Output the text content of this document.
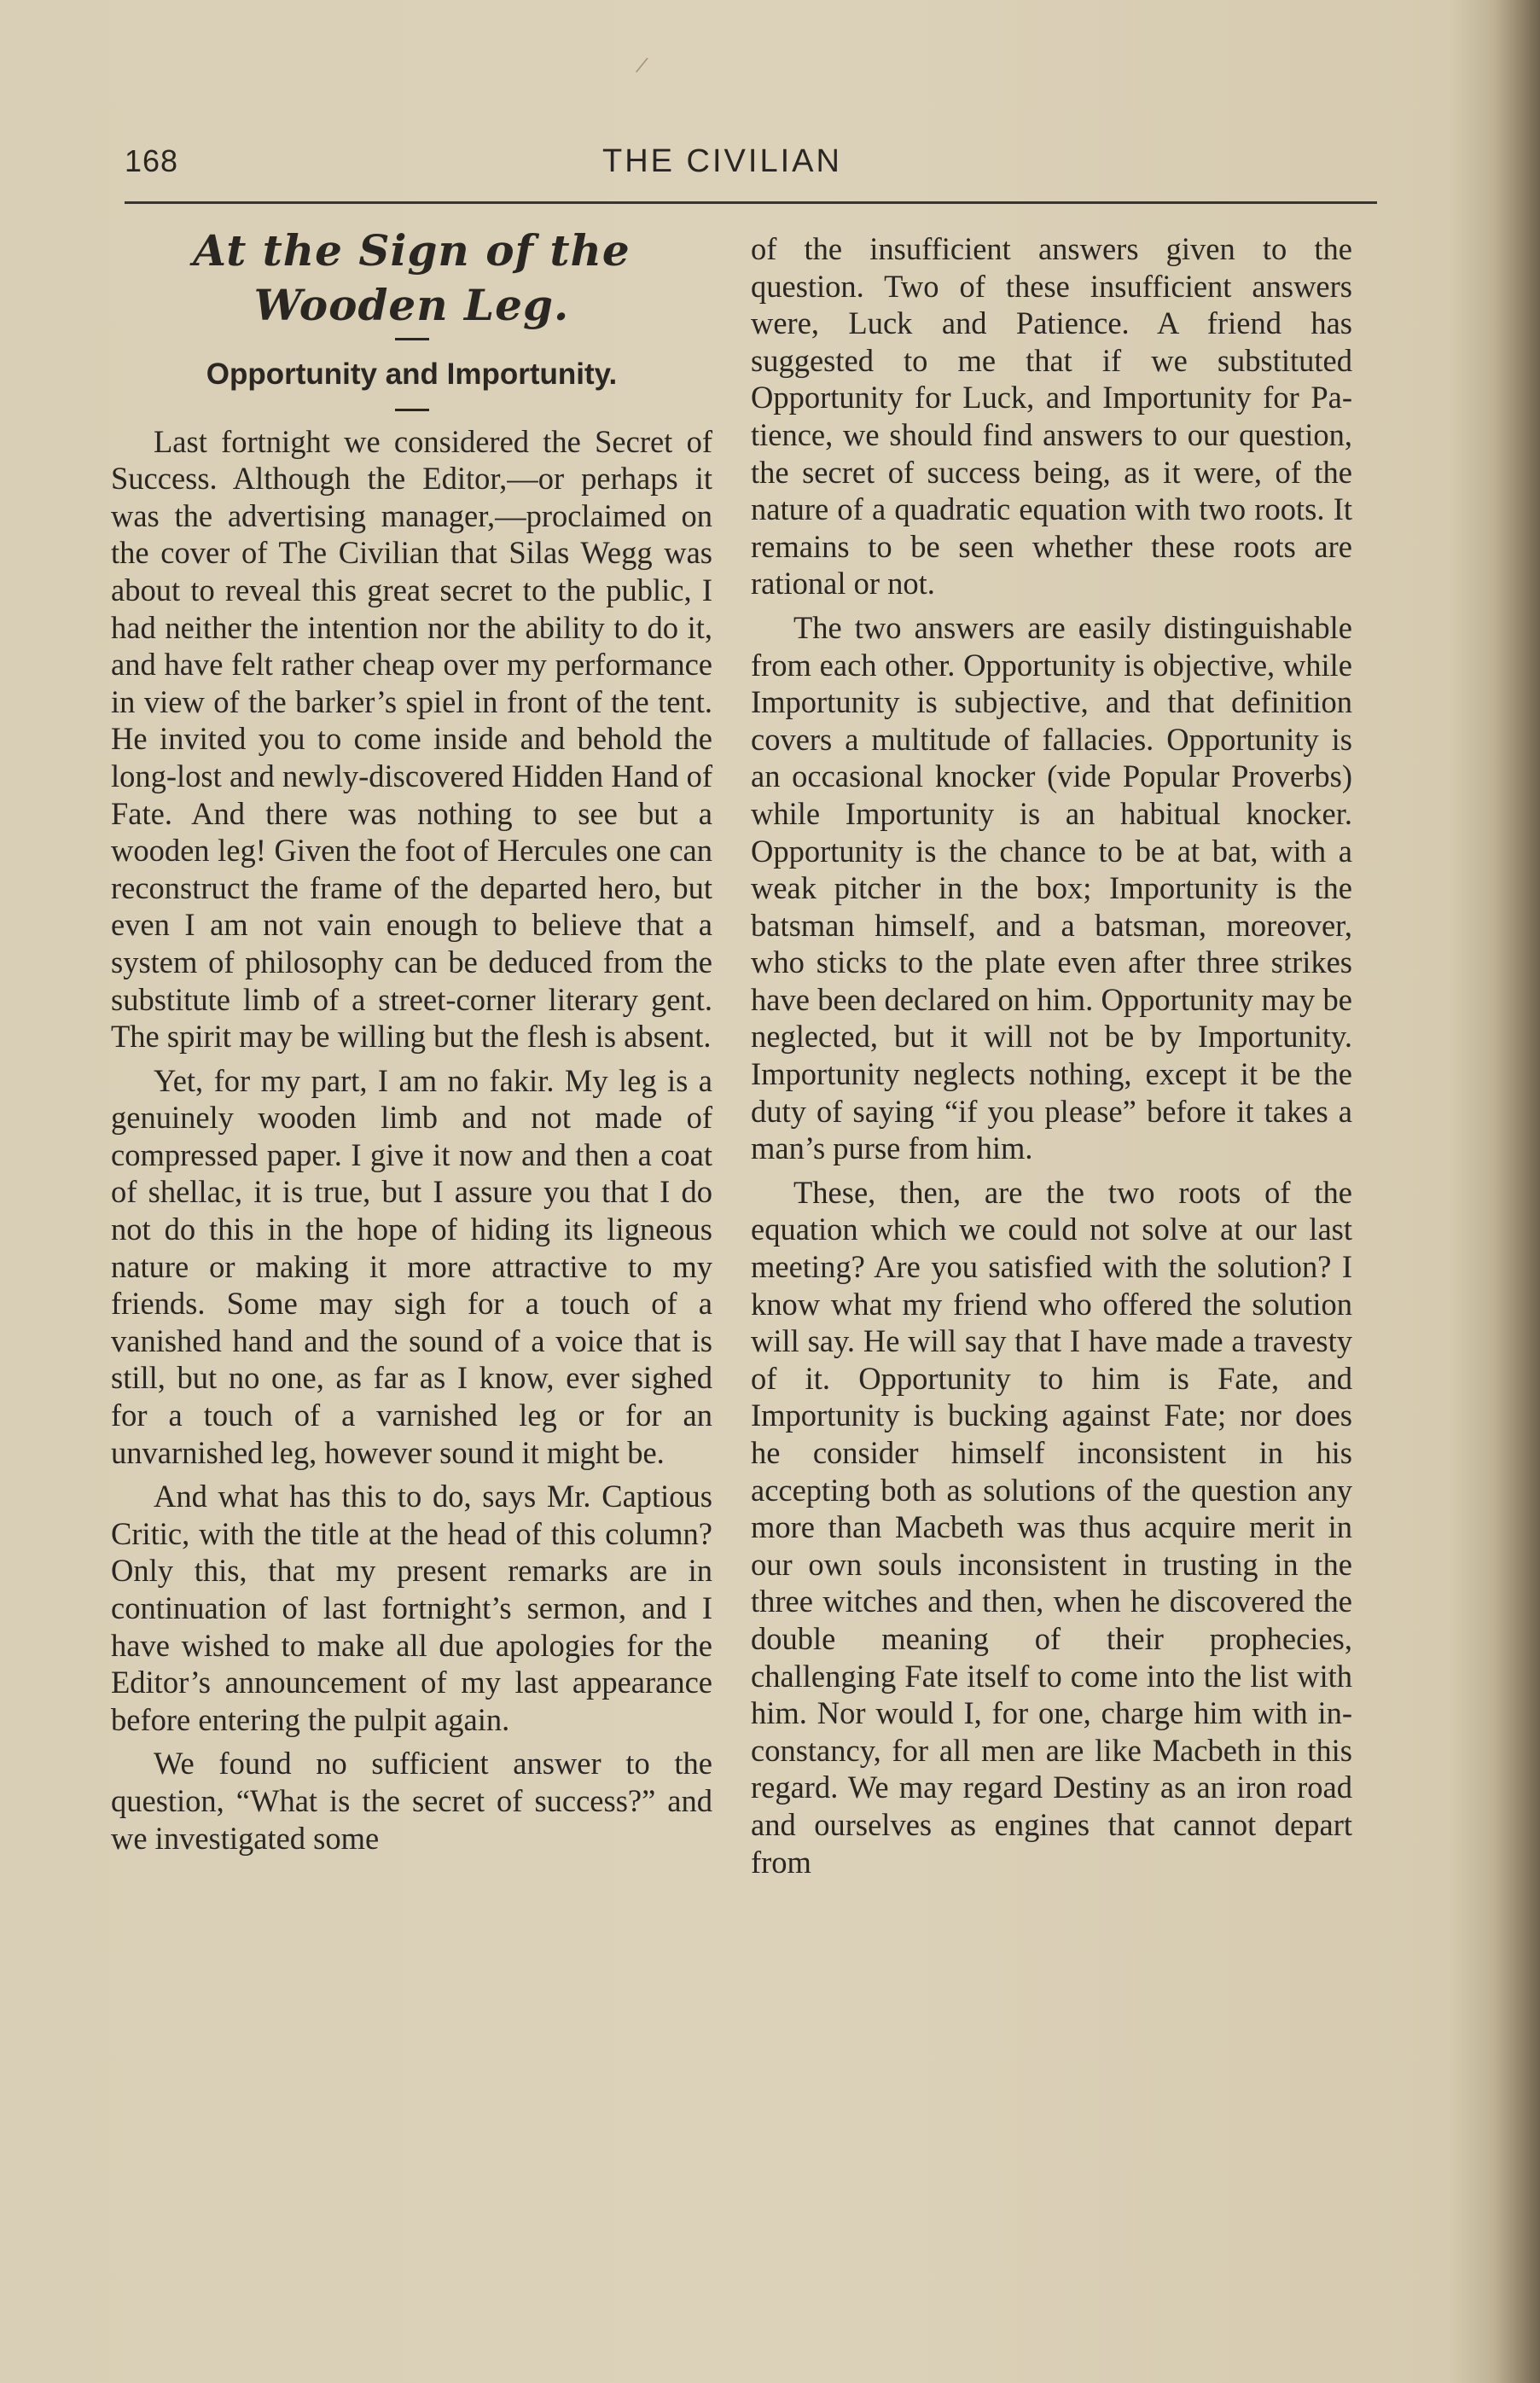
/
168	THE CIVILIAN
At the Sign of the Wooden Leg.
Opportunity and Importunity.

Last fortnight we considered the Secret of Success. Although the Editor,—or perhaps it was the advertising manager,—proclaimed on the cover of The Civilian that Silas Wegg was about to reveal this great secret to the public, I had neither the intention nor the ability to do it, and have felt rather cheap over my performance in view of the barker’s spiel in front of the tent. He invited you to come inside and behold the long-lost and newly-discovered Hidden Hand of Fate. And there was nothing to see but a wooden leg! Given the foot of Hercules one can reconstruct the frame of the departed hero, but even I am not vain enough to believe that a system of philosophy can be deduced from the substitute limb of a street-corner literary gent. The spirit may be willing but the flesh is absent.

Yet, for my part, I am no fakir. My leg is a genuinely wooden limb and not made of compressed paper. I give it now and then a coat of shellac, it is true, but I assure you that I do not do this in the hope of hiding its ligneous nature or making it more attractive to my friends. Some may sigh for a touch of a vanished hand and the sound of a voice that is still, but no one, as far as I know, ever sighed for a touch of a varnished leg or for an unvarnished leg, however sound it might be.

And what has this to do, says Mr. Captious Critic, with the title at the head of this column? Only this, that my present remarks are in continuation of last fortnight’s sermon, and I have wished to make all due apologies for the Editor’s announcement of my last appearance before entering the pulpit again.

We found no sufficient answer to the question, “What is the secret of success?” and we investigated some

of the insufficient answers given to the question. Two of these insufficient answers were, Luck and Patience. A friend has suggested to me that if we substituted Opportunity for Luck, and Importunity for Patience, we should find answers to our question, the secret of success being, as it were, of the nature of a quadratic equation with two roots. It remains to be seen whether these roots are rational or not.

The two answers are easily distinguishable from each other. Opportunity is objective, while Importunity is subjective, and that definition covers a multitude of fallacies. Opportunity is an occasional knocker (vide Popular Proverbs) while Importunity is an habitual knocker. Opportunity is the chance to be at bat, with a weak pitcher in the box; Importunity is the batsman himself, and a batsman, moreover, who sticks to the plate even after three strikes have been declared on him. Opportunity may be neglected, but it will not be by Importunity. Importunity neglects nothing, except it be the duty of saying “if you please” before it takes a man’s purse from him.

These, then, are the two roots of the equation which we could not solve at our last meeting? Are you satisfied with the solution? I know what my friend who offered the solution will say. He will say that I have made a travesty of it. Opportunity to him is Fate, and Importunity is bucking against Fate; nor does he consider himself inconsistent in his accepting both as solutions of the question any more than Macbeth was thus acquire merit in our own souls inconsistent in trusting in the three witches and then, when he discovered the double meaning of their prophecies, challenging Fate itself to come into the list with him. Nor would I, for one, charge him with inconstancy, for all men are like Macbeth in this regard. We may regard Destiny as an iron road and ourselves as engines that cannot depart from
